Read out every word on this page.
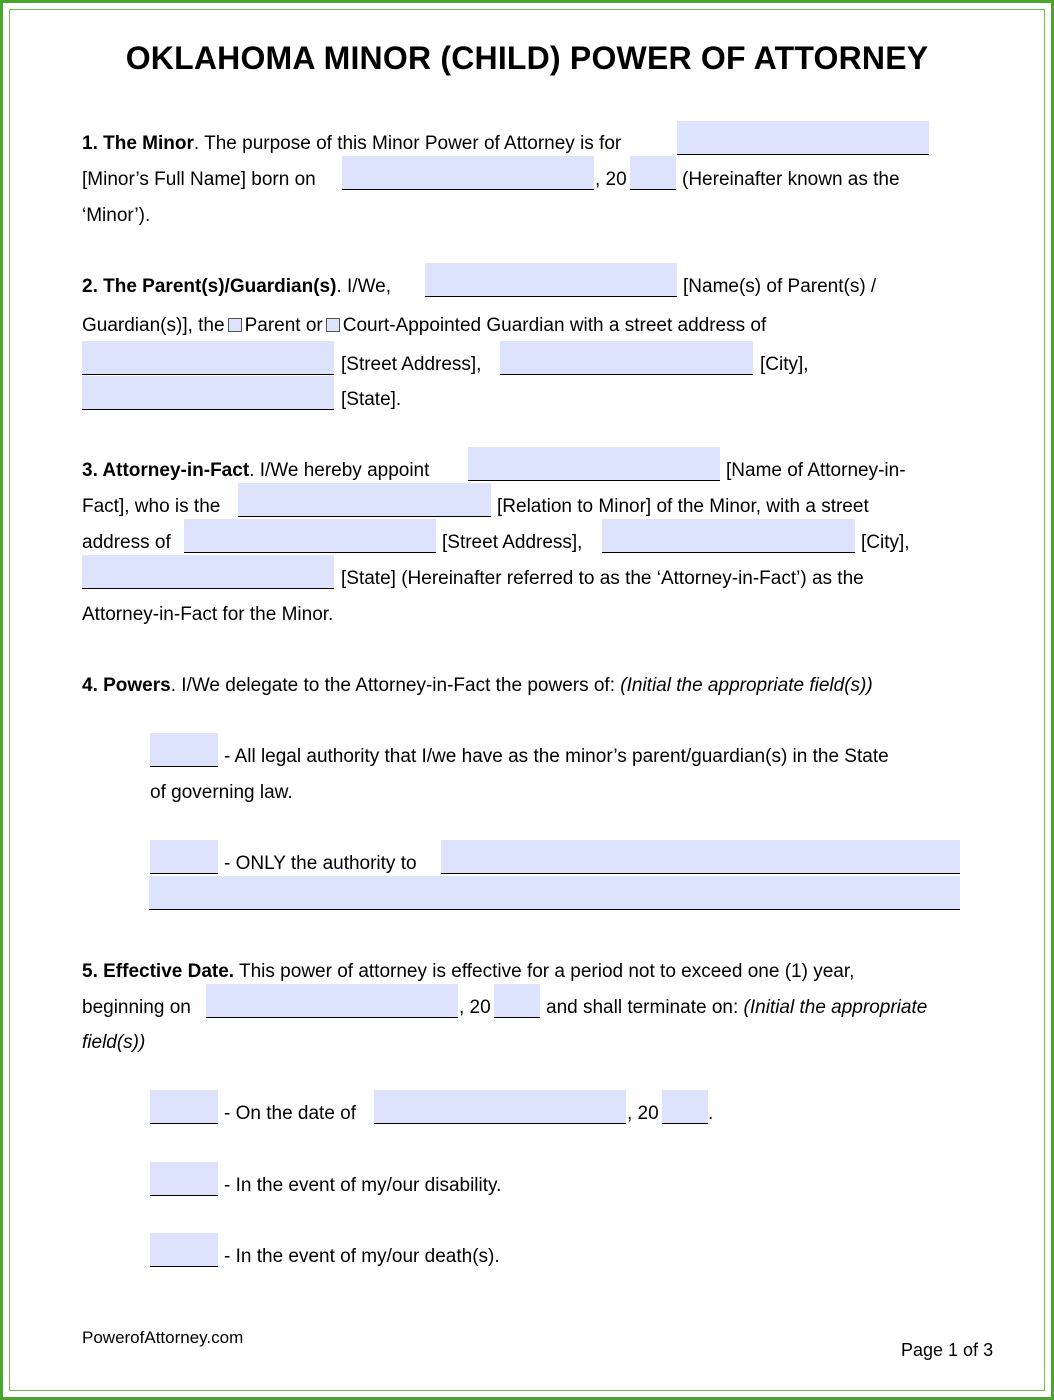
OKLAHOMA MINOR (CHILD) POWER OF ATTORNEY
1. The Minor. The purpose of this Minor Power of Attorney is for
[Minor’s Full Name] born on	, 20	(Hereinafter known as the
‘Minor’).
2. The Parent(s)/Guardian(s). I/We,	[Name(s) of Parent(s) /
Guardian(s)], the Parent or Court-Appointed Guardian with a street address of
[Street Address],	[City],
[State].
3. Attorney-in-Fact. I/We hereby appoint	[Name of Attorney-in-
Fact], who is the	[Relation to Minor] of the Minor, with a street
address of	[Street Address],	[City],
[State] (Hereinafter referred to as the ‘Attorney-in-Fact’) as the
Attorney-in-Fact for the Minor.
4. Powers. I/We delegate to the Attorney-in-Fact the powers of: (Initial the appropriate field(s))
- All legal authority that I/we have as the minor’s parent/guardian(s) in the State
of governing law.
- ONLY the authority to
5. Effective Date. This power of attorney is effective for a period not to exceed one (1) year,
beginning on	, 20	and shall terminate on: (Initial the appropriate
field(s))
- On the date of	, 20	.
- In the event of my/our disability.
- In the event of my/our death(s).
PowerofAttorney.com
Page 1 of 3
